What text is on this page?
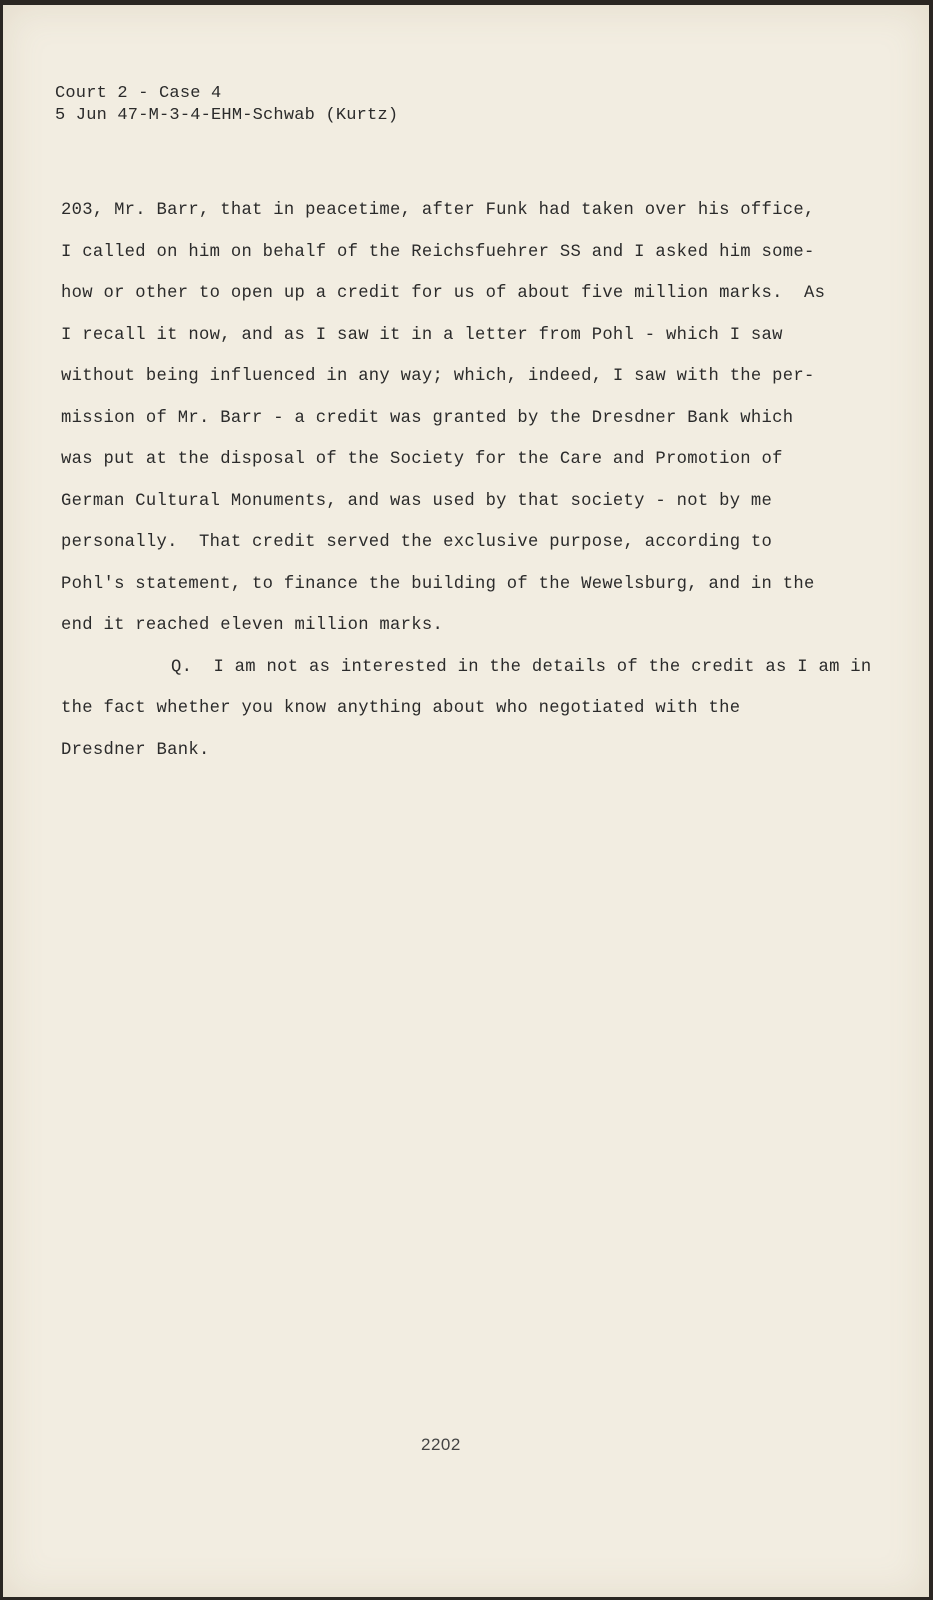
Court 2 - Case 4
5 Jun 47-M-3-4-EHM-Schwab (Kurtz)
203, Mr. Barr, that in peacetime, after Funk had taken over his office,
I called on him on behalf of the Reichsfuehrer SS and I asked him some-
how or other to open up a credit for us of about five million marks.  As
I recall it now, and as I saw it in a letter from Pohl - which I saw
without being influenced in any way; which, indeed, I saw with the per-
mission of Mr. Barr - a credit was granted by the Dresdner Bank which
was put at the disposal of the Society for the Care and Promotion of
German Cultural Monuments, and was used by that society - not by me
personally.  That credit served the exclusive purpose, according to
Pohl's statement, to finance the building of the Wewelsburg, and in the
end it reached eleven million marks.
Q.  I am not as interested in the details of the credit as I am in
the fact whether you know anything about who negotiated with the
Dresdner Bank.
2202
